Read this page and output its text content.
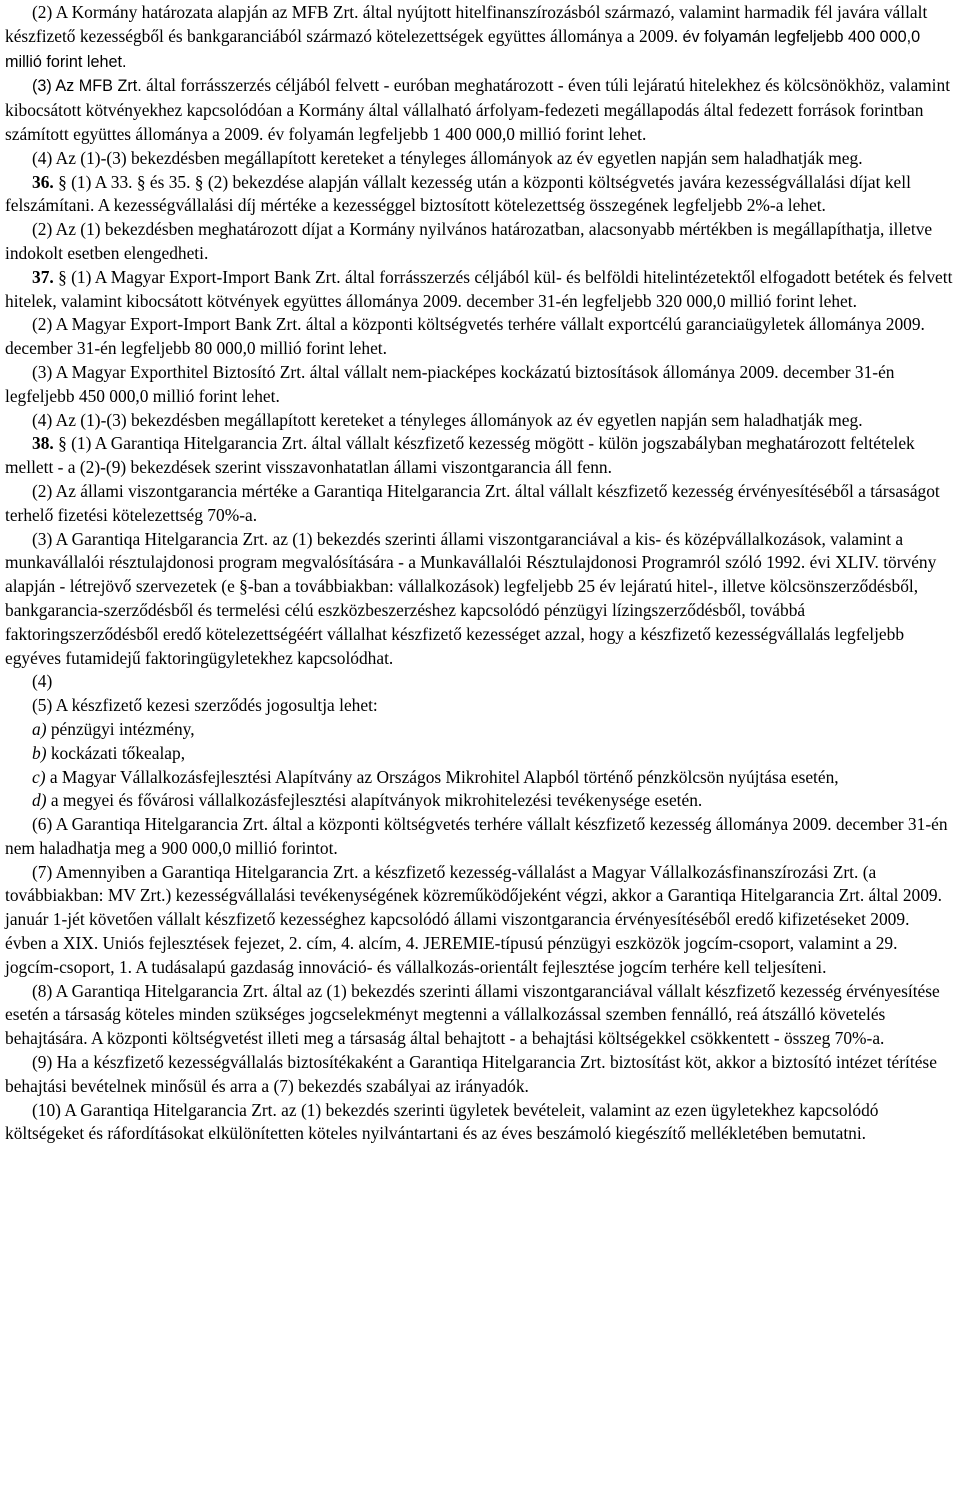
(2) A Kormány határozata alapján az MFB Zrt. által nyújtott hitelfinanszírozásból származó, valamint harmadik fél javára vállalt készfizető kezességből és bankgaranciából származó kötelezettségek együttes állománya a 2009. év folyamán legfeljebb 400 000,0 millió forint lehet.

(3) Az MFB Zrt. által forrásszerzés céljából felvett - euróban meghatározott - éven túli lejáratú hitelekhez és kölcsönökhöz, valamint kibocsátott kötvényekhez kapcsolódóan a Kormány által vállalható árfolyam-fedezeti megállapodás által fedezett források forintban számított együttes állománya a 2009. év folyamán legfeljebb 1 400 000,0 millió forint lehet.

(4) Az (1)-(3) bekezdésben megállapított kereteket a tényleges állományok az év egyetlen napján sem haladhatják meg.

36. § (1) A 33. § és 35. § (2) bekezdése alapján vállalt kezesség után a központi költségvetés javára kezességvállalási díjat kell felszámítani. A kezességvállalási díj mértéke a kezességgel biztosított kötelezettség összegének legfeljebb 2%-a lehet.

(2) Az (1) bekezdésben meghatározott díjat a Kormány nyilvános határozatban, alacsonyabb mértékben is megállapíthatja, illetve indokolt esetben elengedheti.

37. § (1) A Magyar Export-Import Bank Zrt. által forrásszerzés céljából kül- és belföldi hitelintézetektől elfogadott betétek és felvett hitelek, valamint kibocsátott kötvények együttes állománya 2009. december 31-én legfeljebb 320 000,0 millió forint lehet.

(2) A Magyar Export-Import Bank Zrt. által a központi költségvetés terhére vállalt exportcélú garanciaügyletek állománya 2009. december 31-én legfeljebb 80 000,0 millió forint lehet.

(3) A Magyar Exporthitel Biztosító Zrt. által vállalt nem-piacképes kockázatú biztosítások állománya 2009. december 31-én legfeljebb 450 000,0 millió forint lehet.

(4) Az (1)-(3) bekezdésben megállapított kereteket a tényleges állományok az év egyetlen napján sem haladhatják meg.

38. § (1) A Garantiqa Hitelgarancia Zrt. által vállalt készfizető kezesség mögött - külön jogszabályban meghatározott feltételek mellett - a (2)-(9) bekezdések szerint visszavonhatatlan állami viszontgarancia áll fenn.

(2) Az állami viszontgarancia mértéke a Garantiqa Hitelgarancia Zrt. által vállalt készfizető kezesség érvényesítéséből a társaságot terhelő fizetési kötelezettség 70%-a.

(3) A Garantiqa Hitelgarancia Zrt. az (1) bekezdés szerinti állami viszontgaranciával a kis- és középvállalkozások, valamint a munkavállalói résztulajdonosi program megvalósítására - a Munkavállalói Résztulajdonosi Programról szóló 1992. évi XLIV. törvény alapján - létrejövő szervezetek (e §-ban a továbbiakban: vállalkozások) legfeljebb 25 év lejáratú hitel-, illetve kölcsönszerződésből, bankgarancia-szerződésből és termelési célú eszközbeszerzéshez kapcsolódó pénzügyi lízingszerződésből, továbbá faktoringszerződésből eredő kötelezettségéért vállalhat készfizető kezességet azzal, hogy a készfizető kezességvállalás legfeljebb egyéves futamidejű faktoringügyletekhez kapcsolódhat.

(4)

(5) A készfizető kezesi szerződés jogosultja lehet:

a) pénzügyi intézmény,

b) kockázati tőkealap,

c) a Magyar Vállalkozásfejlesztési Alapítvány az Országos Mikrohitel Alapból történő pénzkölcsön nyújtása esetén,

d) a megyei és fővárosi vállalkozásfejlesztési alapítványok mikrohitelezési tevékenysége esetén.

(6) A Garantiqa Hitelgarancia Zrt. által a központi költségvetés terhére vállalt készfizető kezesség állománya 2009. december 31-én nem haladhatja meg a 900 000,0 millió forintot.

(7) Amennyiben a Garantiqa Hitelgarancia Zrt. a készfizető kezesség-vállalást a Magyar Vállalkozásfinanszírozási Zrt. (a továbbiakban: MV Zrt.) kezességvállalási tevékenységének közreműködőjeként végzi, akkor a Garantiqa Hitelgarancia Zrt. által 2009. január 1-jét követően vállalt készfizető kezességhez kapcsolódó állami viszontgarancia érvényesítéséből eredő kifizetéseket 2009. évben a XIX. Uniós fejlesztések fejezet, 2. cím, 4. alcím, 4. JEREMIE-típusú pénzügyi eszközök jogcím-csoport, valamint a 29. jogcím-csoport, 1. A tudásalapú gazdaság innováció- és vállalkozás-orientált fejlesztése jogcím terhére kell teljesíteni.

(8) A Garantiqa Hitelgarancia Zrt. által az (1) bekezdés szerinti állami viszontgaranciával vállalt készfizető kezesség érvényesítése esetén a társaság köteles minden szükséges jogcselekményt megtenni a vállalkozással szemben fennálló, reá átszálló követelés behajtására. A központi költségvetést illeti meg a társaság által behajtott - a behajtási költségekkel csökkentett - összeg 70%-a.

(9) Ha a készfizető kezességvállalás biztosítékaként a Garantiqa Hitelgarancia Zrt. biztosítást köt, akkor a biztosító intézet térítése behajtási bevételnek minősül és arra a (7) bekezdés szabályai az irányadók.

(10) A Garantiqa Hitelgarancia Zrt. az (1) bekezdés szerinti ügyletek bevételeit, valamint az ezen ügyletekhez kapcsolódó költségeket és ráfordításokat elkülönítetten köteles nyilvántartani és az éves beszámoló kiegészítő mellékletében bemutatni.
